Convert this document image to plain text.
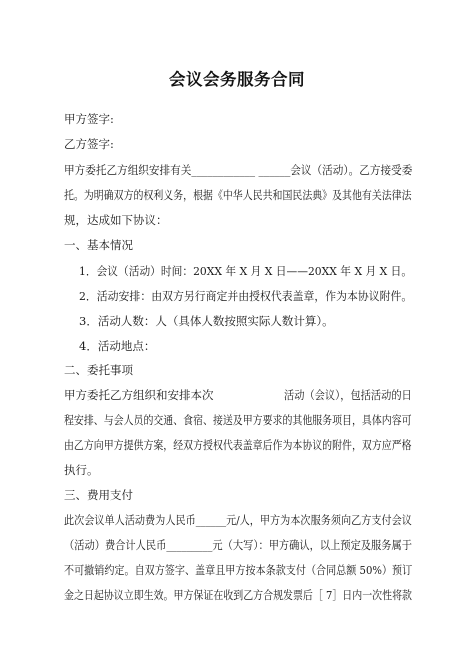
会议会务服务合同
甲方签字:
乙方签字:
甲方委托乙方组织安排有关____________ ______会议（活动）。乙方接受委
托。为明确双方的权利义务，根据《中华人民共和国民法典》及其他有关法律法
规，达成如下协议：
一、基本情况
1．会议（活动）时间：20XX 年 X 月 X 日——20XX 年 X 月 X 日。
2．活动安排：由双方另行商定并由授权代表盖章，作为本协议附件。
3．活动人数：人（具体人数按照实际人数计算）。
4．活动地点：
二、委托事项
甲方委托乙方组织和安排本次	活动（会议），包括活动的日
程安排、与会人员的交通、食宿、接送及甲方要求的其他服务项目，具体内容可
由乙方向甲方提供方案，经双方授权代表盖章后作为本协议的附件，双方应严格
执行。
三、费用支付
此次会议单人活动费为人民币______元/人，甲方为本次服务须向乙方支付会议
（活动）费合计人民币_________元（大写）：甲方确认，以上预定及服务属于
不可撤销约定。自双方签字、盖章且甲方按本条款支付（合同总额 50%）预订
金之日起协议立即生效。甲方保证在收到乙方合规发票后［ 7］日内一次性将款
